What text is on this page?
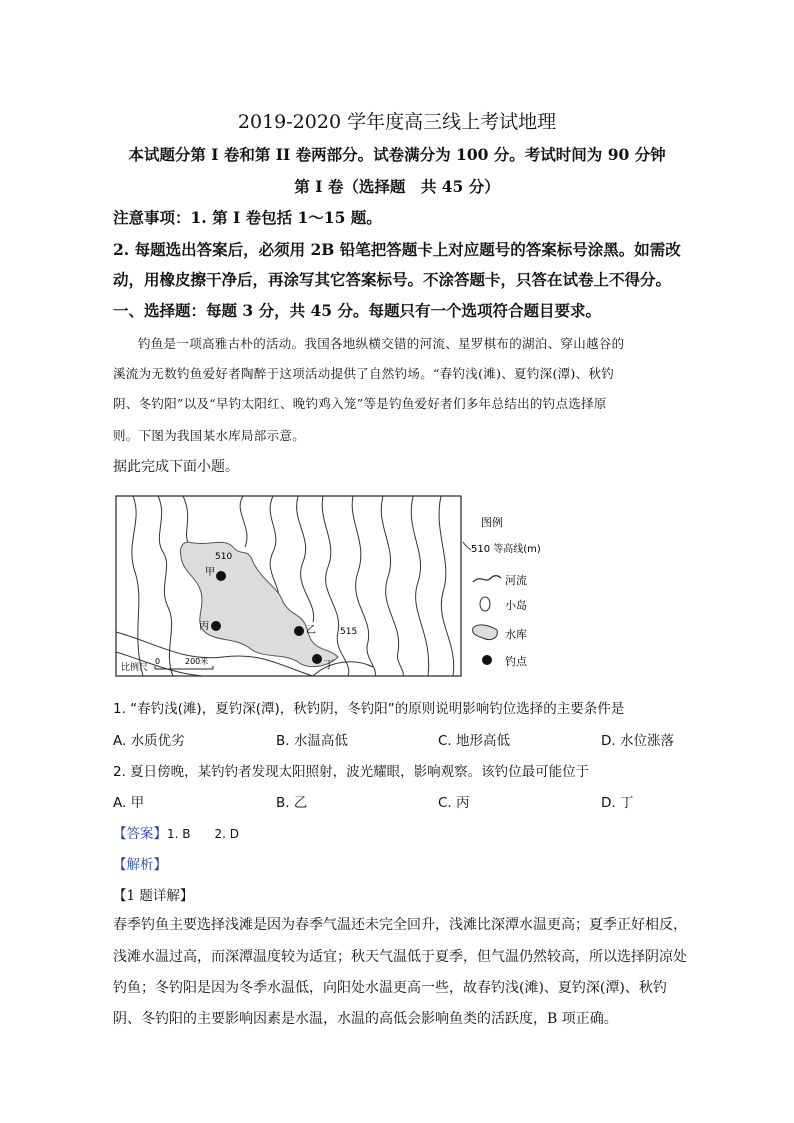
2019-2020 学年度高三线上考试地理
本试题分第 I 卷和第 II 卷两部分。试卷满分为 100 分。考试时间为 90 分钟
第 I 卷（选择题　共 45 分）
注意事项：1. 第 I 卷包括 1～15 题。
2. 每题选出答案后，必须用 2B 铅笔把答题卡上对应题号的答案标号涂黑。如需改
动，用橡皮擦干净后，再涂写其它答案标号。不涂答题卡，只答在试卷上不得分。
一、选择题：每题 3 分，共 45 分。每题只有一个选项符合题目要求。
钓鱼是一项高雅古朴的活动。我国各地纵横交错的河流、星罗棋布的湖泊、穿山越谷的
溪流为无数钓鱼爱好者陶醉于这项活动提供了自然钓场。“春钓浅(滩)、夏钓深(潭)、秋钓
阴、冬钓阳”以及“早钓太阳红、晚钓鸡入笼”等是钓鱼爱好者们多年总结出的钓点选择原
则。下图为我国某水库局部示意。
据此完成下面小题。
510
515
甲
乙
丙
丁
比例尺
0	200米
图例
510 等高线(m)
河流
小岛
水库
钓点
1. “春钓浅(滩)，夏钓深(潭)，秋钓阴，冬钓阳”的原则说明影响钓位选择的主要条件是
A. 水质优劣	B. 水温高低	C. 地形高低	D. 水位涨落
2. 夏日傍晚，某钓钓者发现太阳照射，波光耀眼，影响观察。该钓位最可能位于
A. 甲	B. 乙	C. 丙	D. 丁
【答案】1. B　　2. D
【解析】
【1 题详解】
春季钓鱼主要选择浅滩是因为春季气温还未完全回升，浅滩比深潭水温更高；夏季正好相反，
浅滩水温过高，而深潭温度较为适宜；秋天气温低于夏季，但气温仍然较高，所以选择阴凉处
钓鱼；冬钓阳是因为冬季水温低，向阳处水温更高一些，故春钓浅(滩)、夏钓深(潭)、秋钓
阴、冬钓阳的主要影响因素是水温，水温的高低会影响鱼类的活跃度，B 项正确。
